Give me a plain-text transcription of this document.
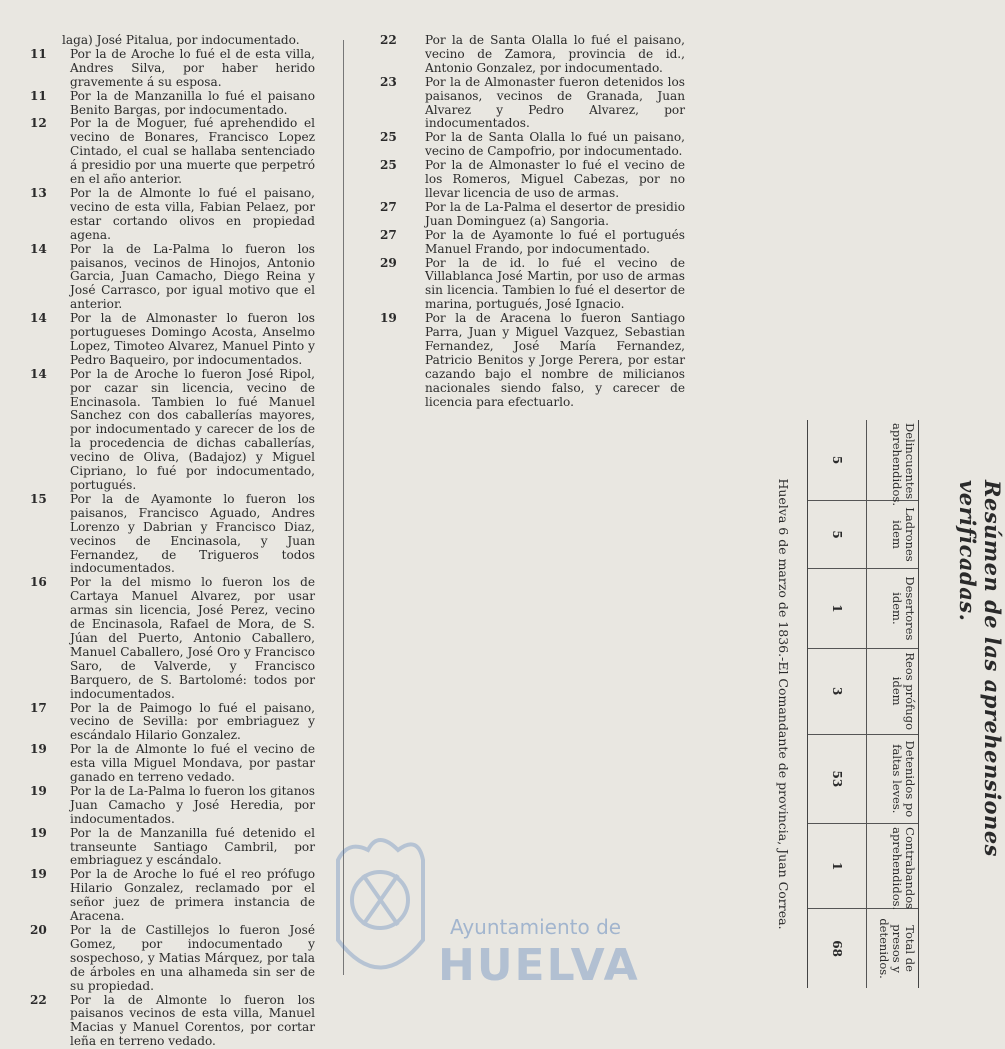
laga) José Pitalua, por indocumentado.
11 Por la de Aroche lo fué el de esta villa, Andres Silva, por haber herido gravemente á su esposa.
11 Por la de Manzanilla lo fué el paisano Benito Bargas, por indocumentado.
12 Por la de Moguer, fué aprehendido el vecino de Bonares, Francisco Lopez Cintado, el cual se hallaba sentenciado á presidio por una muerte que perpetró en el año anterior.
13 Por la de Almonte lo fué el paisano, vecino de esta villa, Fabian Pelaez, por estar cortando olivos en propiedad agena.
14 Por la de La-Palma lo fueron los paisanos, vecinos de Hinojos, Antonio Garcia, Juan Camacho, Diego Reina y José Carrasco, por igual motivo que el anterior.
14 Por la de Almonaster lo fueron los portugueses Domingo Acosta, Anselmo Lopez, Timoteo Alvarez, Manuel Pinto y Pedro Baqueiro, por indocumentados.
14 Por la de Aroche lo fueron José Ripol, por cazar sin licencia, vecino de Encinasola. Tambien lo fué Manuel Sanchez con dos caballerías mayores, por indocumentado y carecer de los de la procedencia de dichas caballerías, vecino de Oliva, (Badajoz) y Miguel Cipriano, lo fué por indocumentado, portugués.
15 Por la de Ayamonte lo fueron los paisanos, Francisco Aguado, Andres Lorenzo y Dabrian y Francisco Diaz, vecinos de Encinasola, y Juan Fernandez, de Trigueros todos indocumentados.
16 Por la del mismo lo fueron los de Cartaya Manuel Alvarez, por usar armas sin licencia, José Perez, vecino de Encinasola, Rafael de Mora, de S. Júan del Puerto, Antonio Caballero, Manuel Caballero, José Oro y Francisco Saro, de Valverde, y Francisco Barquero, de S. Bartolomé: todos por indocumentados.
17 Por la de Paimogo lo fué el paisano, vecino de Sevilla: por embriaguez y escándalo Hilario Gonzalez.
19 Por la de Almonte lo fué el vecino de esta villa Miguel Mondava, por pastar ganado en terreno vedado.
19 Por la de La-Palma lo fueron los gitanos Juan Camacho y José Heredia, por indocumentados.
19 Por la de Manzanilla fué detenido el transeunte Santiago Cambril, por embriaguez y escándalo.
19 Por la de Aroche lo fué el reo prófugo Hilario Gonzalez, reclamado por el señor juez de primera instancia de Aracena.
20 Por la de Castillejos lo fueron José Gomez, por indocumentado y sospechoso, y Matias Márquez, por tala de árboles en una alhameda sin ser de su propiedad.
22 Por la de Almonte lo fueron los paisanos vecinos de esta villa, Manuel Macias y Manuel Corentos, por cortar leña en terreno vedado.
22 Por la de Santa Olalla lo fué el paisano, vecino de Zamora, provincia de id., Antonio Gonzalez, por indocumentado.
23 Por la de Almonaster fueron detenidos los paisanos, vecinos de Granada, Juan Alvarez y Pedro Alvarez, por indocumentados.
25 Por la de Santa Olalla lo fué un paisano, vecino de Campofrio, por indocumentado.
25 Por la de Almonaster lo fué el vecino de los Romeros, Miguel Cabezas, por no llevar licencia de uso de armas.
27 Por la de La-Palma el desertor de presidio Juan Dominguez (a) Sangoria.
27 Por la de Ayamonte lo fué el portugués Manuel Frando, por indocumentado.
29 Por la de id. lo fué el vecino de Villablanca José Martin, por uso de armas sin licencia. Tambien lo fué el desertor de marina, portugués, José Ignacio.
19 Por la de Aracena lo fueron Santiago Parra, Juan y Miguel Vazquez, Sebastian Fernandez, José María Fernandez, Patricio Benitos y Jorge Perera, por estar cazando bajo el nombre de milicianos nacionales siendo falso, y carecer de licencia para efectuarlo.
Resúmen de las aprehensiones verificadas.
Delincuentes aprehendidos.
5
Ladrones idem
5
Desertores idem.
1
Reos prófugo idem
3
Detenidos po faltas leves.
53
Contrabandos aprehendidos.
1
Total de presos y detenidos.
68
Huelva 6 de marzo de 1836.-El Comandante de provincia, Juan Correa.
Ayuntamiento de
HUELVA
